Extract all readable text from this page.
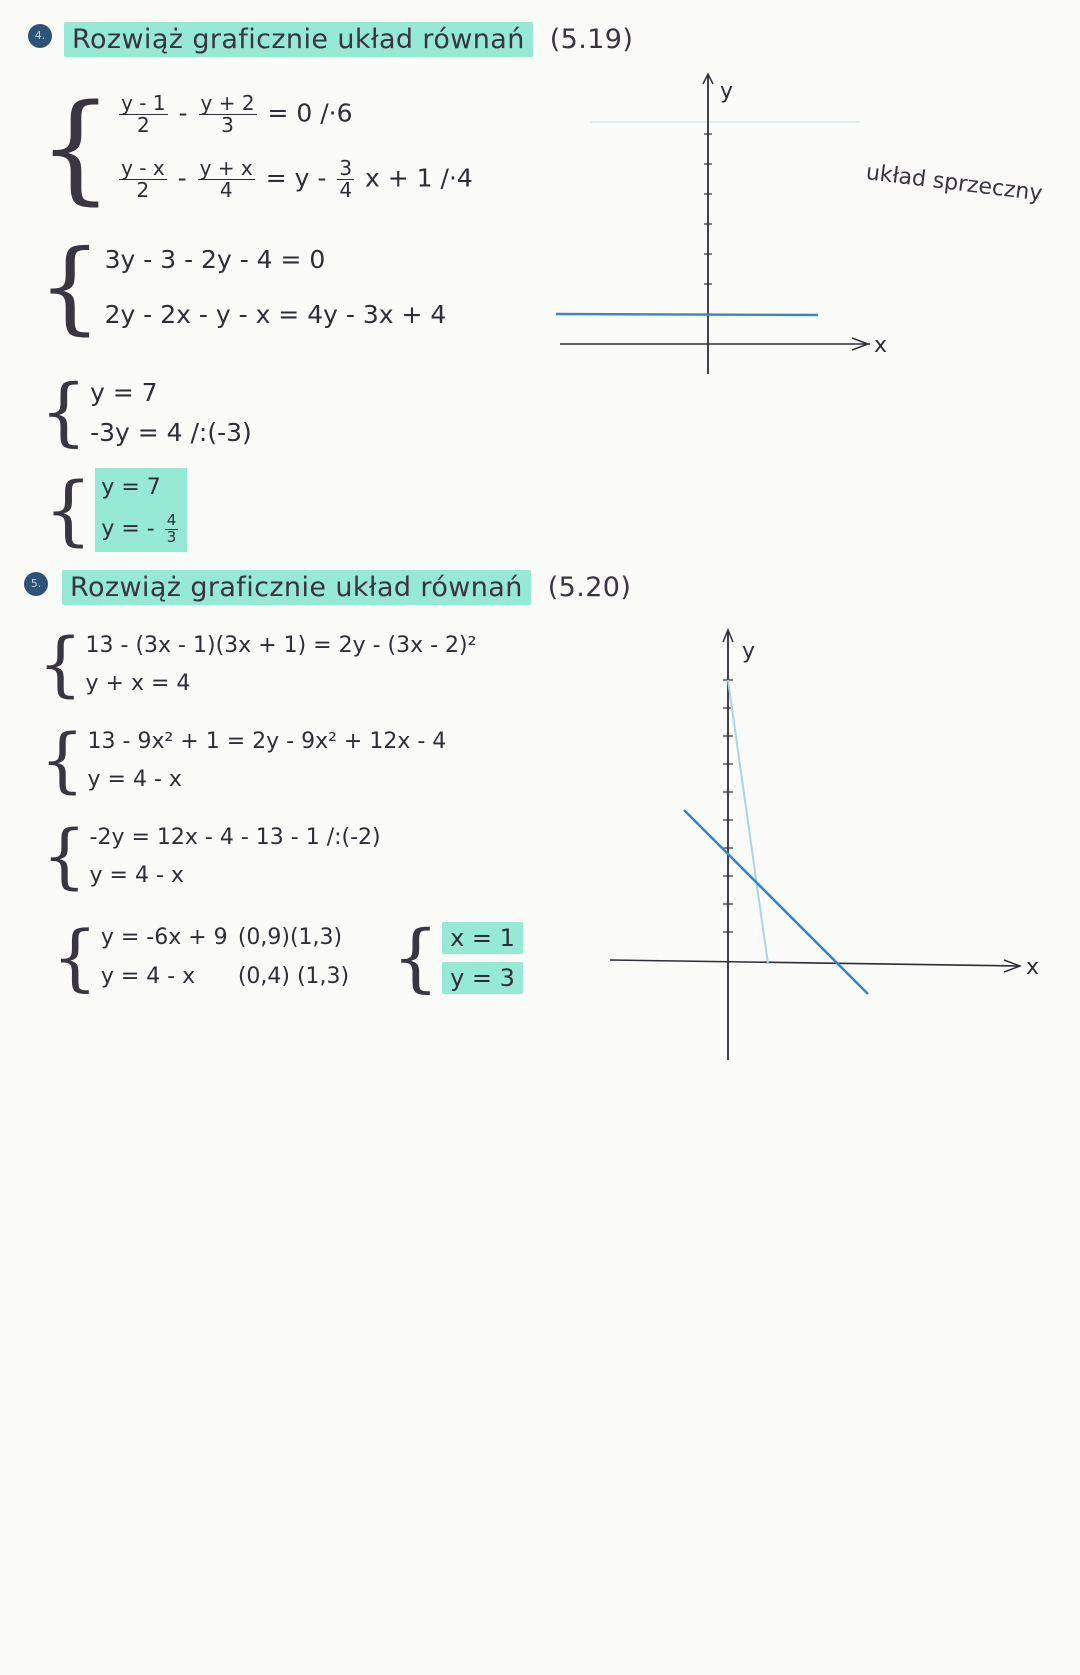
4. Rozwiąż graficznie układ równań (5.19)
{ $\frac{y - 1}{2} - \frac{y + 2}{3} = 0$ /·6
$\frac{y - x}{2} - \frac{y + x}{4} = y - \frac{3}{4}$ x + 1 /·4
{ 3y - 3 - 2y - 4 = 0
2y - 2x - y - x = 4y - 3x + 4
{ y = 7
-3y = 4 /:(-3)
{ y = 7
y = - $\frac{4}{3}$
układ sprzeczny
y
x
5. Rozwiąż graficznie układ równań (5.20)
{ 13 - (3x - 1)(3x + 1) = 2y - (3x - 2)²
y + x = 4
{ 13 - 9x² + 1 = 2y - 9x² + 12x - 4
y = 4 - x
{ -2y = 12x - 4 - 13 - 1 /:(-2)
y = 4 - x
{ y = -6x + 9 (0,9)(1,3)
y = 4 - x (0,4) (1,3) { x = 1
y = 3
y
x
